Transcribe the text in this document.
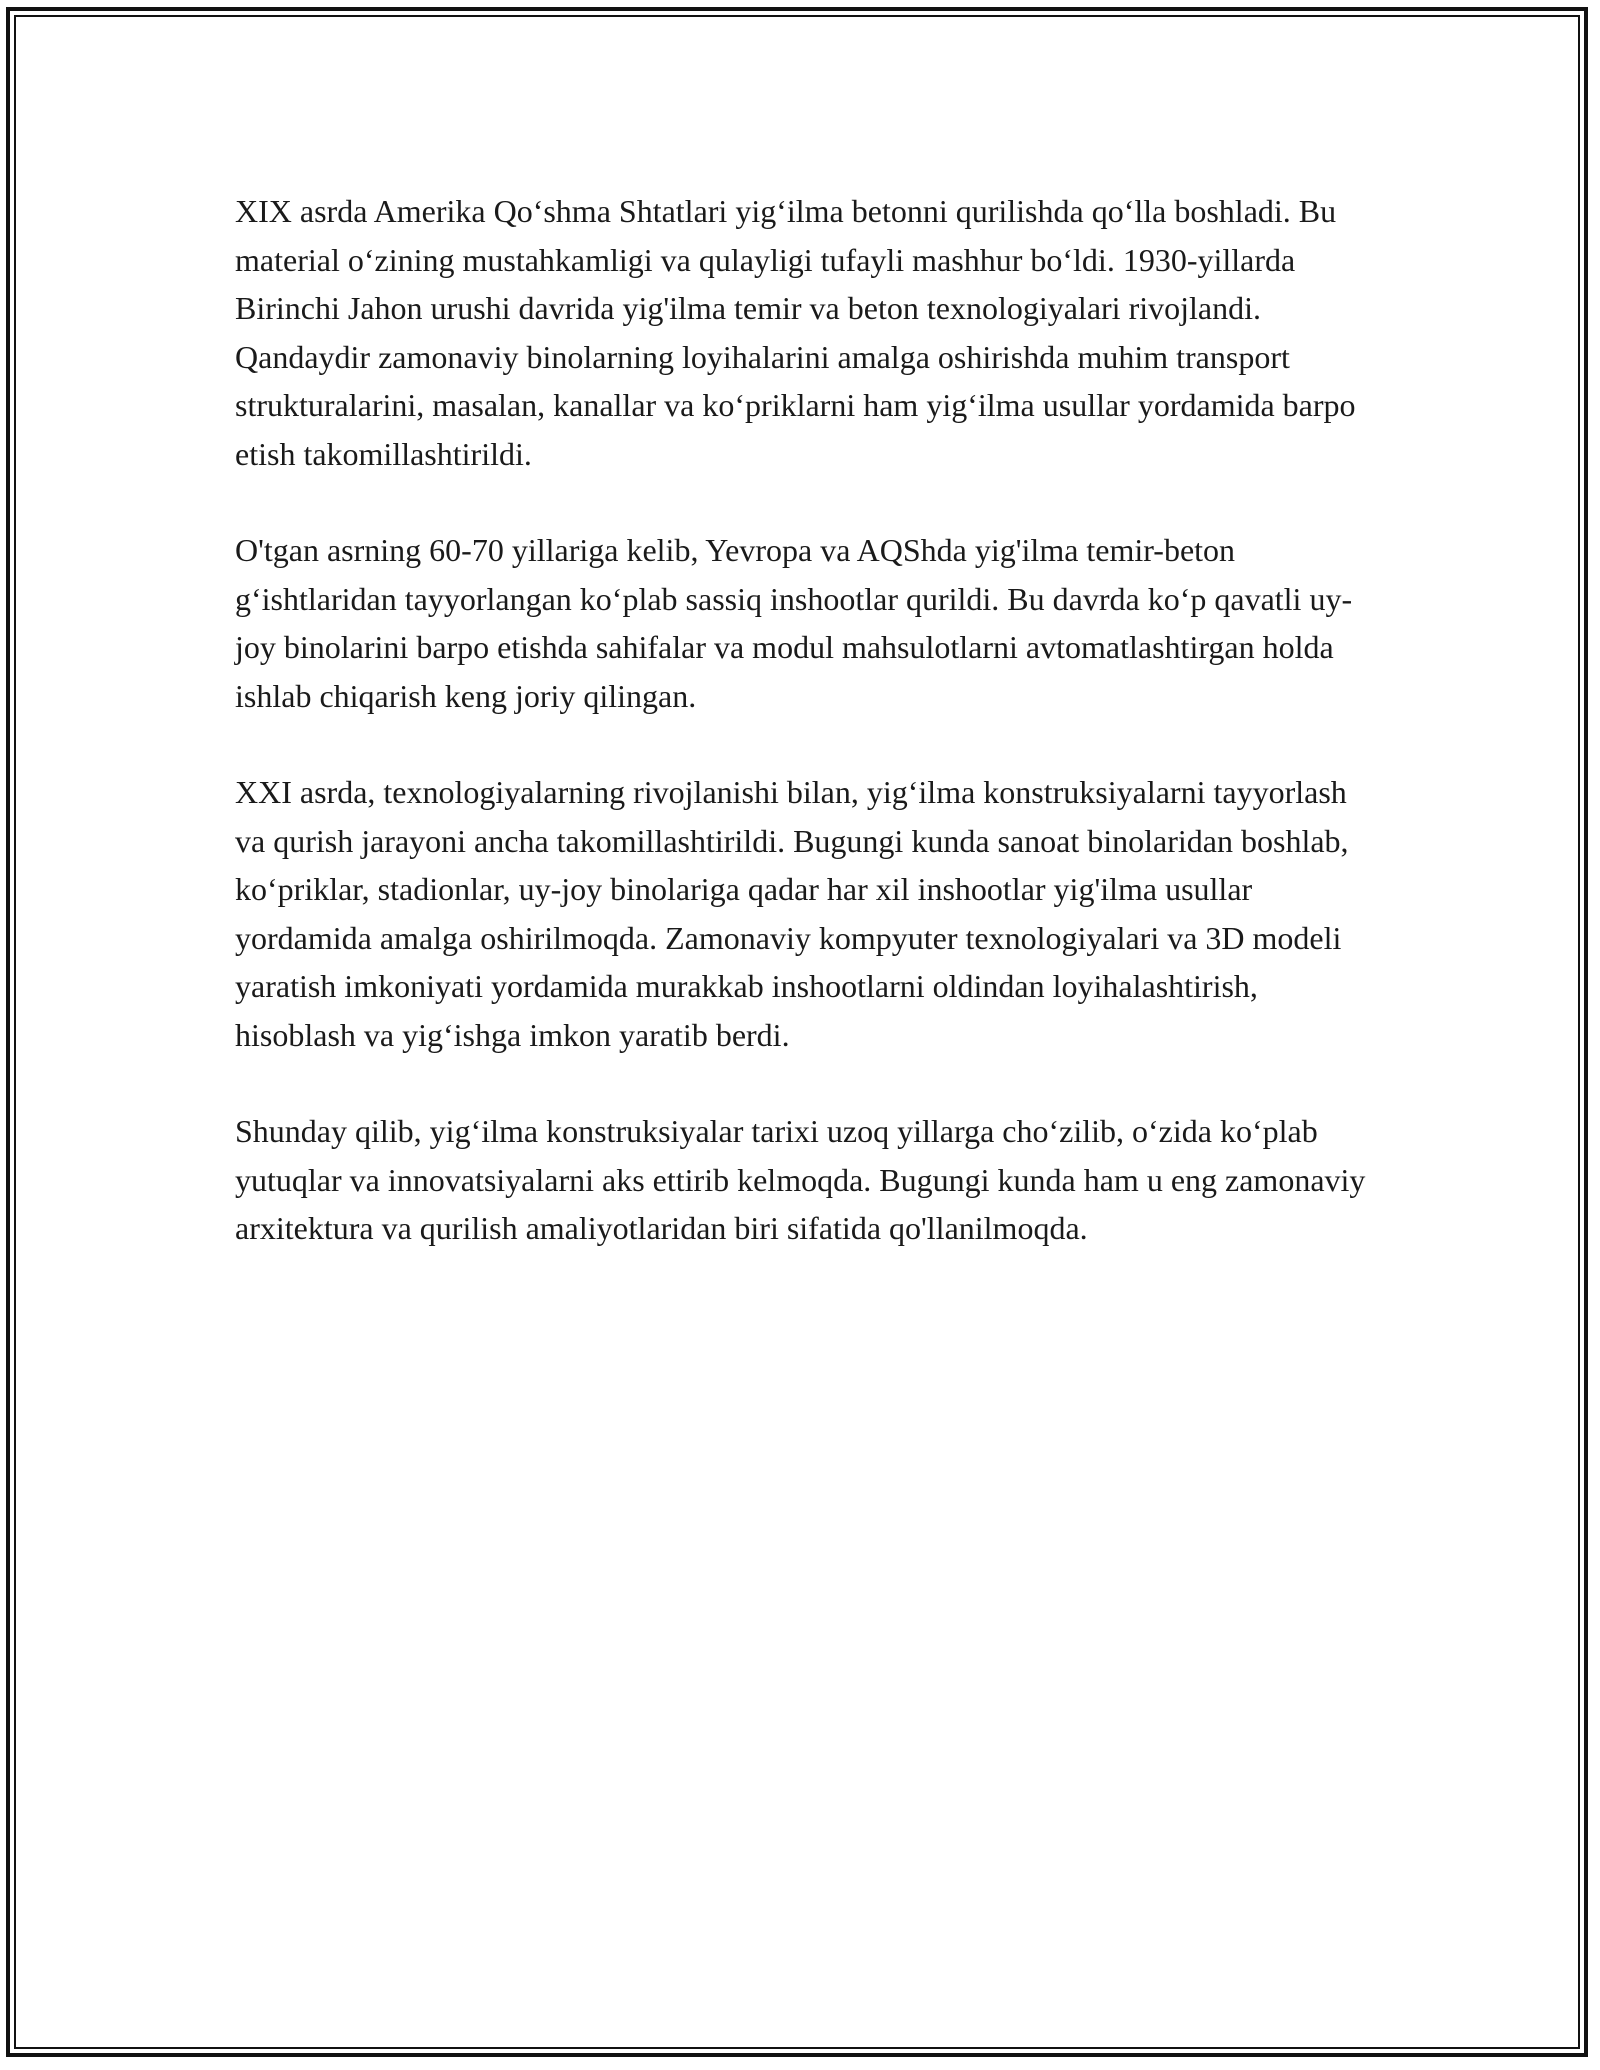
XIX asrda Amerika Qo‘shma Shtatlari yig‘ilma betonni qurilishda qo‘lla boshladi. Bu material o‘zining mustahkamligi va qulayligi tufayli mashhur bo‘ldi. 1930-yillarda Birinchi Jahon urushi davrida yig'ilma temir va beton texnologiyalari rivojlandi. Qandaydir zamonaviy binolarning loyihalarini amalga oshirishda muhim transport strukturalarini, masalan, kanallar va ko‘priklarni ham yig‘ilma usullar yordamida barpo etish takomillashtirildi.

O'tgan asrning 60-70 yillariga kelib, Yevropa va AQShda yig'ilma temir-beton g‘ishtlaridan tayyorlangan ko‘plab sassiq inshootlar qurildi. Bu davrda ko‘p qavatli uy-joy binolarini barpo etishda sahifalar va modul mahsulotlarni avtomatlashtirgan holda ishlab chiqarish keng joriy qilingan.

XXI asrda, texnologiyalarning rivojlanishi bilan, yig‘ilma konstruksiyalarni tayyorlash va qurish jarayoni ancha takomillashtirildi. Bugungi kunda sanoat binolaridan boshlab, ko‘priklar, stadionlar, uy-joy binolariga qadar har xil inshootlar yig'ilma usullar yordamida amalga oshirilmoqda. Zamonaviy kompyuter texnologiyalari va 3D modeli yaratish imkoniyati yordamida murakkab inshootlarni oldindan loyihalashtirish, hisoblash va yig‘ishga imkon yaratib berdi.

Shunday qilib, yig‘ilma konstruksiyalar tarixi uzoq yillarga cho‘zilib, o‘zida ko‘plab yutuqlar va innovatsiyalarni aks ettirib kelmoqda. Bugungi kunda ham u eng zamonaviy arxitektura va qurilish amaliyotlaridan biri sifatida qo'llanilmoqda.
